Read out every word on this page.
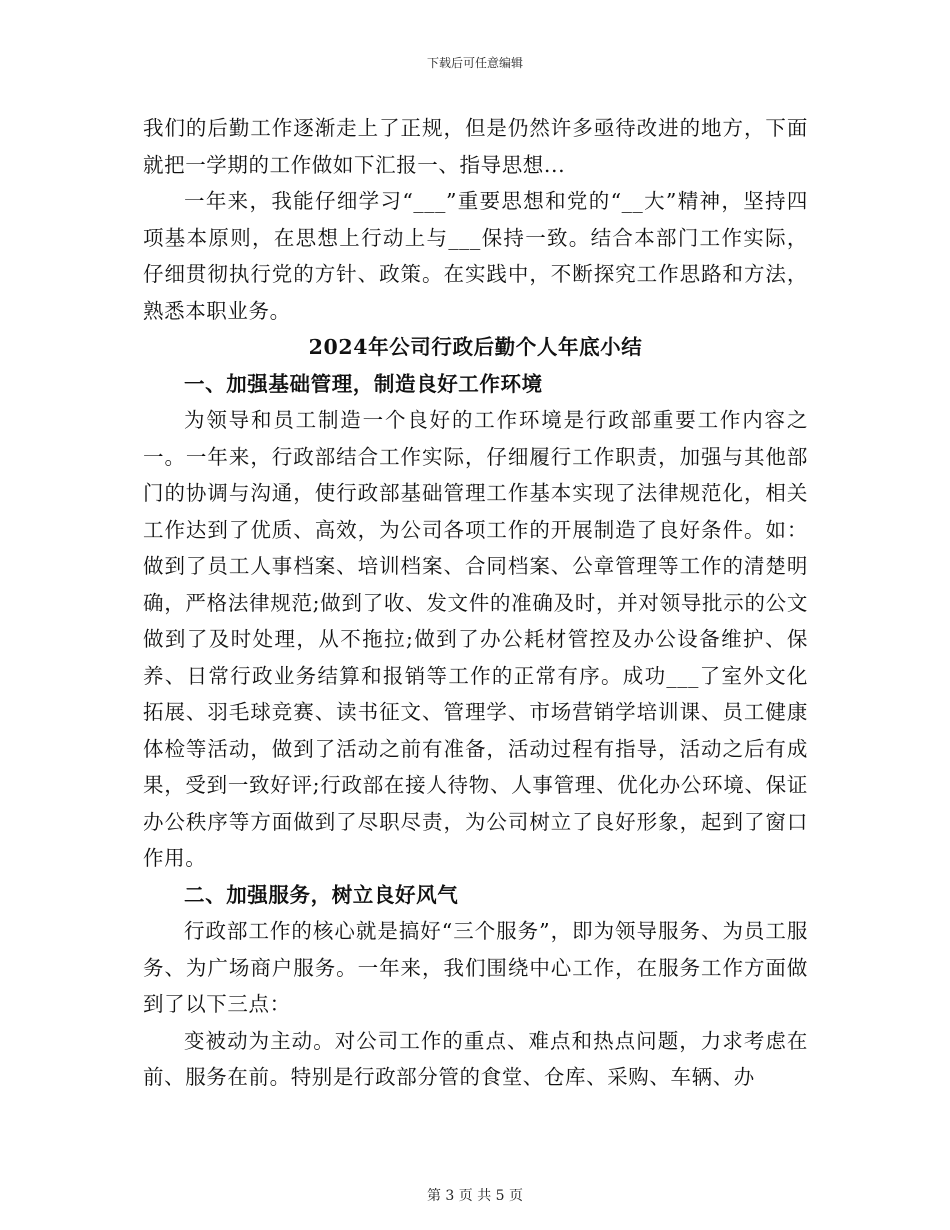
下载后可任意编辑

我们的后勤工作逐渐走上了正规，但是仍然许多亟待改进的地方，下面就把一学期的工作做如下汇报一、指导思想...

一年来，我能仔细学习“___”重要思想和党的“__大”精神，坚持四项基本原则，在思想上行动上与___保持一致。结合本部门工作实际，仔细贯彻执行党的方针、政策。在实践中，不断探究工作思路和方法，熟悉本职业务。

2024年公司行政后勤个人年底小结

一、加强基础管理，制造良好工作环境

为领导和员工制造一个良好的工作环境是行政部重要工作内容之一。一年来，行政部结合工作实际，仔细履行工作职责，加强与其他部门的协调与沟通，使行政部基础管理工作基本实现了法律规范化，相关工作达到了优质、高效，为公司各项工作的开展制造了良好条件。如：做到了员工人事档案、培训档案、合同档案、公章管理等工作的清楚明确，严格法律规范;做到了收、发文件的准确及时，并对领导批示的公文做到了及时处理，从不拖拉;做到了办公耗材管控及办公设备维护、保养、日常行政业务结算和报销等工作的正常有序。成功___了室外文化拓展、羽毛球竞赛、读书征文、管理学、市场营销学培训课、员工健康体检等活动，做到了活动之前有准备，活动过程有指导，活动之后有成果，受到一致好评;行政部在接人待物、人事管理、优化办公环境、保证办公秩序等方面做到了尽职尽责，为公司树立了良好形象，起到了窗口作用。

二、加强服务，树立良好风气

行政部工作的核心就是搞好“三个服务”，即为领导服务、为员工服务、为广场商户服务。一年来，我们围绕中心工作，在服务工作方面做到了以下三点：

变被动为主动。对公司工作的重点、难点和热点问题，力求考虑在前、服务在前。特别是行政部分管的食堂、仓库、采购、车辆、办

第 3 页 共 5 页
